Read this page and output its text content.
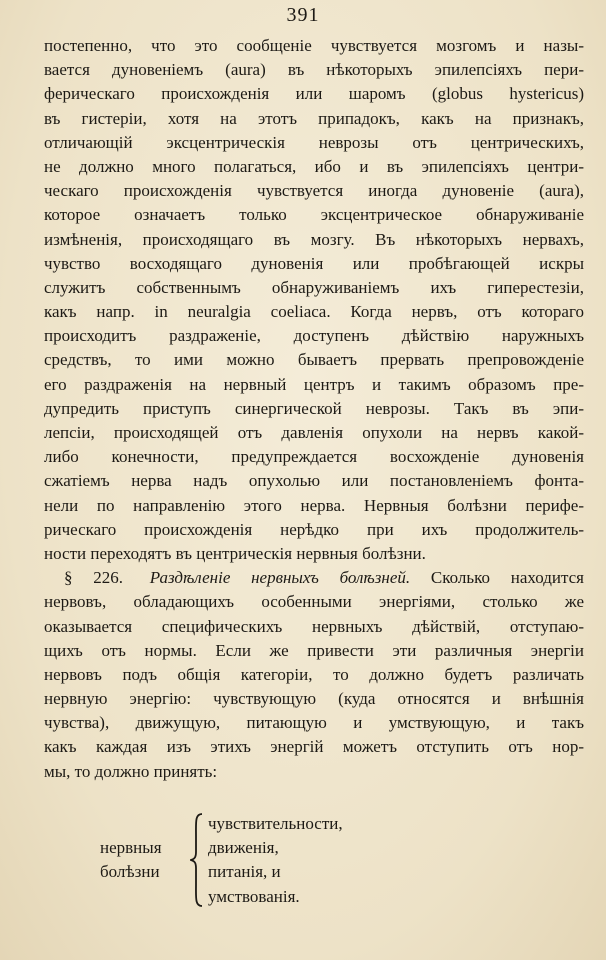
391
постепенно, что это сообщеніе чувствуется мозгомъ и назы-
вается дуновеніемъ (aura) въ нѣкоторыхъ эпилепсіяхъ пери-
ферическаго происхожденія или шаромъ (globus hystericus)
въ гистеріи, хотя на этотъ припадокъ, какъ на признакъ,
отличающій эксцентрическія неврозы отъ центрическихъ,
не должно много полагаться, ибо и въ эпилепсіяхъ центри-
ческаго происхожденія чувствуется иногда дуновеніе (aura),
которое означаетъ только эксцентрическое обнаруживаніе
измѣненія, происходящаго въ мозгу. Въ нѣкоторыхъ нервахъ,
чувство восходящаго дуновенія или пробѣгающей искры
служитъ собственнымъ обнаруживаніемъ ихъ гиперестезіи,
какъ напр. in neuralgia coeliaca. Когда нервъ, отъ котораго
происходитъ раздраженіе, доступенъ дѣйствію наружныхъ
средствъ, то ими можно бываетъ прервать препровожденіе
его раздраженія на нервный центръ и такимъ образомъ пре-
дупредить приступъ синергической неврозы. Такъ въ эпи-
лепсіи, происходящей отъ давленія опухоли на нервъ какой-
либо конечности, предупреждается восхожденіе дуновенія
сжатіемъ нерва надъ опухолью или постановленіемъ фонта-
нели по направленію этого нерва. Нервныя болѣзни перифе-
рическаго происхожденія нерѣдко при ихъ продолжитель-
ности переходятъ въ центрическія нервныя болѣзни.
§ 226. Раздѣленіе нервныхъ болѣзней. Сколько находится
нервовъ, обладающихъ особенными энергіями, столько же
оказывается специфическихъ нервныхъ дѣйствій, отступаю-
щихъ отъ нормы. Если же привести эти различныя энергіи
нервовъ подъ общія категоріи, то должно будетъ различать
нервную энергію: чувствующую (куда относятся и внѣшнія
чувства), движущую, питающую и умствующую, и такъ
какъ каждая изъ этихъ энергій можетъ отступить отъ нор-
мы, то должно принять:
нервныя
болѣзни
чувствительности,
движенія,
питанія, и
умствованія.
